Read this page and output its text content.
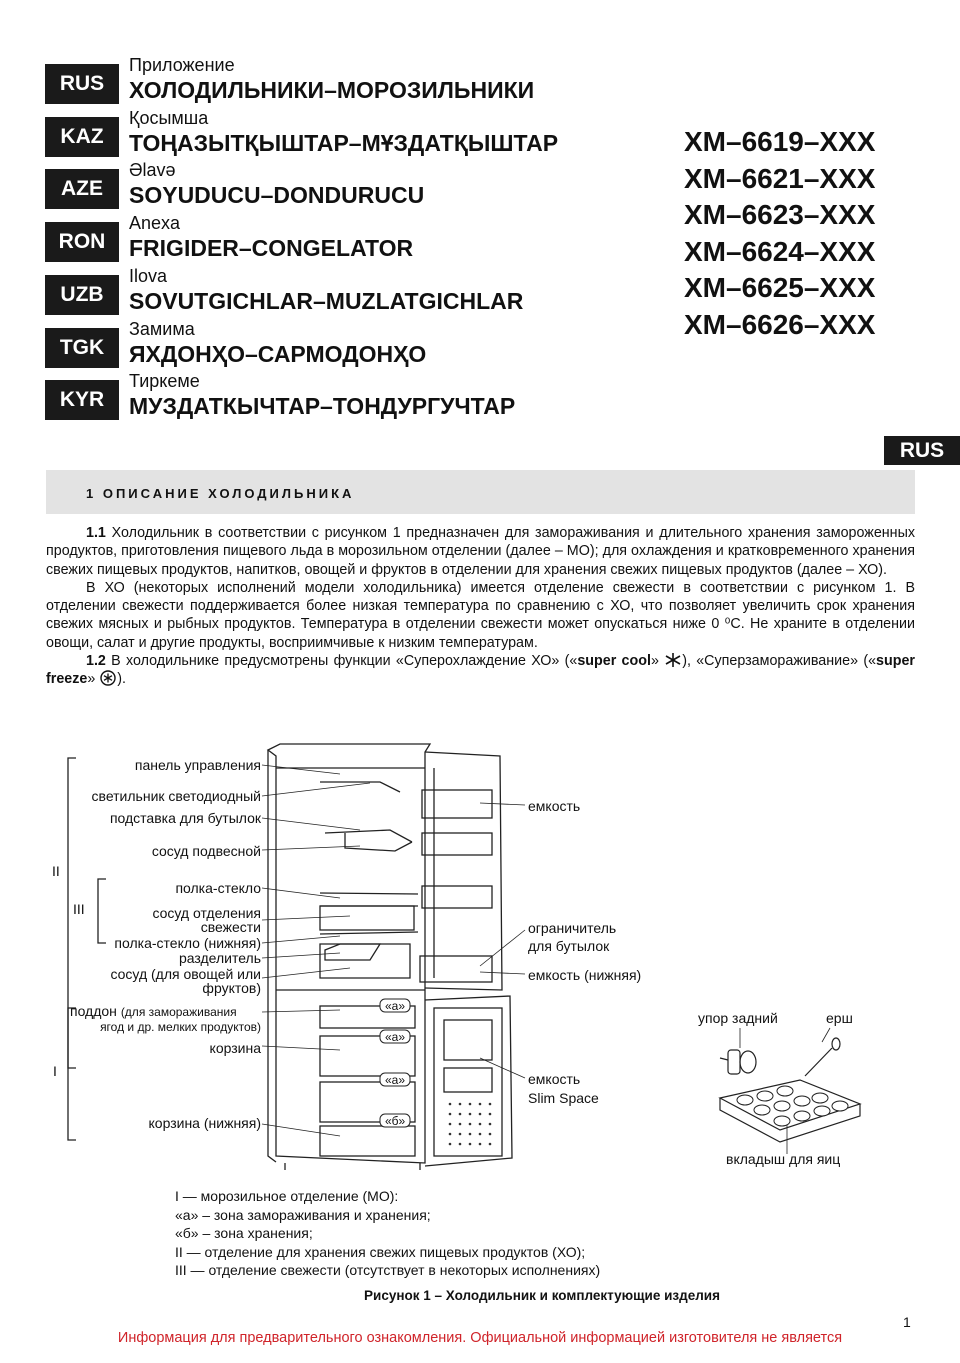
RUS
Приложение
ХОЛОДИЛЬНИКИ–МОРОЗИЛЬНИКИ
KAZ
Қосымша
ТОҢАЗЫТҚЫШТАР–МҰЗДАТҚЫШТАР
AZE
Əlavə
SOYUDUCU–DONDURUCU
RON
Anexa
FRIGIDER–CONGELATOR
UZB
Ilova
SOVUTGICHLAR–MUZLATGICHLAR
TGK
Замима
ЯХДОНҲО–САРМОДОНҲО
KYR
Тиркеме
МУЗДАТКЫЧТАР–ТОНДУРГУЧТАР
XM–6619–XXX
XM–6621–XXX
XM–6623–XXX
XM–6624–XXX
XM–6625–XXX
XM–6626–XXX
RUS
1 ОПИСАНИЕ ХОЛОДИЛЬНИКА

1.1 Холодильник в соответствии с рисунком 1 предназначен для замораживания и длительного хранения замороженных продуктов, приготовления пищевого льда в морозильном отделении (далее – МО); для охлаждения и кратковременного хранения свежих пищевых продуктов, напитков, овощей и фруктов в отделении для хранения свежих пищевых продуктов (далее – ХО).

В ХО (некоторых исполнений модели холодильника) имеется отделение свежести в соответствии с рисунком 1. В отделении свежести поддерживается более низкая температура по сравнению с ХО, что позволяет увеличить срок хранения свежих мясных и рыбных продуктов. Температура в отделении свежести может опускаться ниже 0 ⁰С. Не храните в отделении овощи, салат и другие продукты, восприимчивые к низким температурам.

1.2 В холодильнике предусмотрены функции «Суперохлаждение ХО» («super cool» ), «Суперзамораживание» («super freeze» ).

II
III
I
панель управления
светильник светодиодный
подставка для бутылок
сосуд подвесной
полка-стекло
сосуд отделения
свежести
полка-стекло (нижняя)
разделитель
сосуд (для овощей или
фруктов)
поддон (для замораживания
ягод и др. мелких продуктов)
корзина
корзина (нижняя)
«а»
«а»
«а»
«б»
емкость
ограничитель
для бутылок
емкость (нижняя)
емкость
Slim Space
упор задний	ерш
вкладыш для яиц
I — морозильное отделение (МО):
«а» – зона замораживания и хранения;
«б» – зона хранения;
II — отделение для хранения свежих пищевых продуктов (ХО);
III — отделение свежести (отсутствует в некоторых исполнениях)
Рисунок 1 – Холодильник и комплектующие изделия
1
Информация для предварительного ознакомления. Официальной информацией изготовителя не является
